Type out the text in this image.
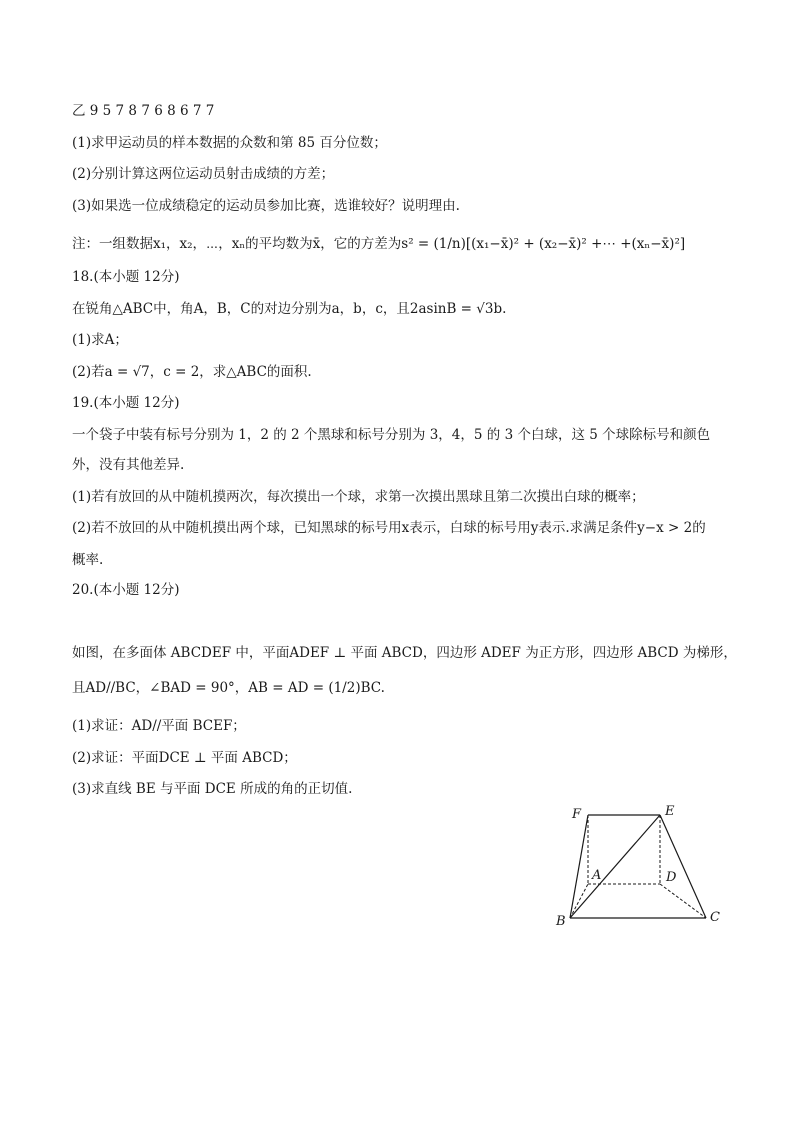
乙 9 5 7 8 7 6 8 6 7 7
(1)求甲运动员的样本数据的众数和第 85 百分位数；
(2)分别计算这两位运动员射击成绩的方差；
(3)如果选一位成绩稳定的运动员参加比赛，选谁较好？说明理由.
注：一组数据x₁，x₂，⋯，xₙ的平均数为x̄，它的方差为s² = (1/n)[(x₁−x̄)² + (x₂−x̄)² +⋯ +(xₙ−x̄)²]
18.(本小题 12分)
在锐角△ABC中，角A，B，C的对边分别为a，b，c，且2asinB = √3b.
(1)求A；
(2)若a = √7，c = 2，求△ABC的面积.
19.(本小题 12分)
一个袋子中装有标号分别为 1，2 的 2 个黑球和标号分别为 3，4，5 的 3 个白球，这 5 个球除标号和颜色
外，没有其他差异.
(1)若有放回的从中随机摸两次，每次摸出一个球，求第一次摸出黑球且第二次摸出白球的概率；
(2)若不放回的从中随机摸出两个球，已知黑球的标号用x表示，白球的标号用y表示.求满足条件y−x > 2的
概率.
20.(本小题 12分)
如图，在多面体 ABCDEF 中，平面ADEF ⊥ 平面 ABCD，四边形 ADEF 为正方形，四边形 ABCD 为梯形，
且AD//BC，∠BAD = 90°，AB = AD = (1/2)BC.
(1)求证：AD//平面 BCEF；
(2)求证：平面DCE ⊥ 平面 ABCD；
(3)求直线 BE 与平面 DCE 所成的角的正切值.
F	E
A	D
B	C
